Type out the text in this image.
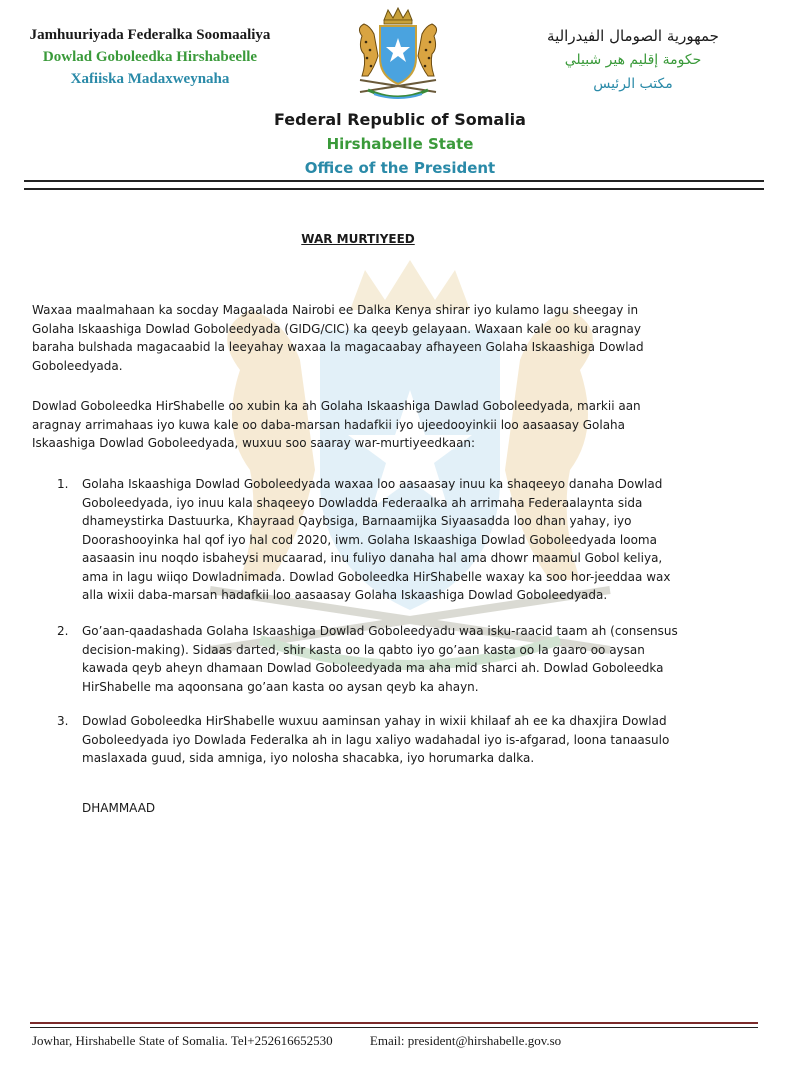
Jamhuuriyada Federalka Soomaaliya
Dowlad Goboleedka Hirshabeelle
Xafiiska Madaxweynaha
جمهورية الصومال الفيدرالية
حكومة إقليم هير شبيلي
مكتب الرئيس
Federal Republic of Somalia
Hirshabelle State
Office of the President
WAR MURTIYEED
Waxaa maalmahaan ka socday Magaalada Nairobi ee Dalka Kenya shirar iyo kulamo lagu sheegay in Golaha Iskaashiga Dowlad Goboleedyada (GIDG/CIC) ka qeeyb gelayaan. Waxaan kale oo ku aragnay baraha bulshada magacaabid la leeyahay waxaa la magacaabay afhayeen Golaha Iskaashiga Dowlad Goboleedyada.
Dowlad Goboleedka HirShabelle oo xubin ka ah Golaha Iskaashiga Dawlad Goboleedyada, markii aan aragnay arrimahaas iyo kuwa kale oo daba-marsan hadafkii iyo ujeedooyinkii loo aasaasay Golaha Iskaashiga Dowlad Goboleedyada, wuxuu soo saaray war-murtiyeedkaan:
1. Golaha Iskaashiga Dowlad Goboleedyada waxaa loo aasaasay inuu ka shaqeeyo danaha Dowlad Goboleedyada, iyo inuu kala shaqeeyo Dowladda Federaalka ah arrimaha Federaalaynta sida dhameystirka Dastuurka, Khayraad Qaybsiga, Barnaamijka Siyaasadda loo dhan yahay, iyo Doorashooyinka hal qof iyo hal cod 2020, iwm. Golaha Iskaashiga Dowlad Goboleedyada looma aasaasin inu noqdo isbaheysi mucaarad, inu fuliyo danaha hal ama dhowr maamul Gobol keliya, ama in lagu wiiqo Dowladnimada. Dowlad Goboleedka HirShabelle waxay ka soo hor-jeeddaa wax alla wixii daba-marsan hadafkii loo aasaasay Golaha Iskaashiga Dowlad Goboleedyada.
2. Go’aan-qaadashada Golaha Iskaashiga Dowlad Goboleedyadu waa isku-raacid taam ah (consensus decision-making). Sidaas darted, shir kasta oo la qabto iyo go’aan kasta oo la gaaro oo aysan kawada qeyb aheyn dhamaan Dowlad Goboleedyada ma aha mid sharci ah. Dowlad Goboleedka HirShabelle ma aqoonsana go’aan kasta oo aysan qeyb ka ahayn.
3. Dowlad Goboleedka HirShabelle wuxuu aaminsan yahay in wixii khilaaf ah ee ka dhaxjira Dowlad Goboleedyada iyo Dowlada Federalka ah in lagu xaliyo wadahadal iyo is-afgarad, loona tanaasulo maslaxada guud, sida amniga, iyo nolosha shacabka, iyo horumarka dalka.
DHAMMAAD
Jowhar, Hirshabelle State of Somalia. Tel+25261665​2530	Email: president@hirshabelle.gov.so
